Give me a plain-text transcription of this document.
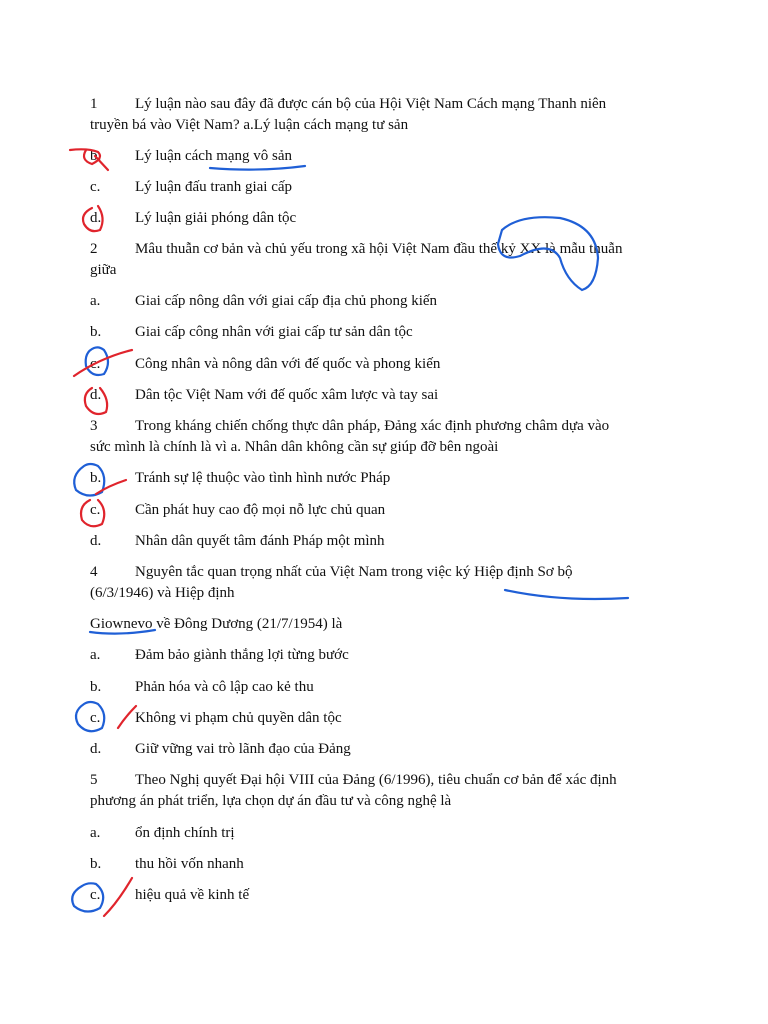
1	Lý luận nào sau đây đã được cán bộ của Hội Việt Nam Cách mạng Thanh niên
truyền bá vào Việt Nam? a.Lý luận cách mạng tư sản
b. Lý luận cách mạng vô sản
c. Lý luận đấu tranh giai cấp
d. Lý luận giải phóng dân tộc
2	Mâu thuẫn cơ bản và chủ yếu trong xã hội Việt Nam đầu thế kỷ XX là mẫu thuẫn
giữa
a. Giai cấp nông dân với giai cấp địa chủ phong kiến
b. Giai cấp công nhân với giai cấp tư sản dân tộc
c. Công nhân và nông dân với đế quốc và phong kiến
d. Dân tộc Việt Nam với đế quốc xâm lược và tay sai
3	Trong kháng chiến chống thực dân pháp, Đảng xác định phương châm dựa vào
sức mình là chính là vì a. Nhân dân không cần sự giúp đỡ bên ngoài
b. Tránh sự lệ thuộc vào tình hình nước Pháp
c. Cần phát huy cao độ mọi nỗ lực chủ quan
d. Nhân dân quyết tâm đánh Pháp một mình
4	Nguyên tắc quan trọng nhất của Việt Nam trong việc ký Hiệp định Sơ bộ
(6/3/1946) và Hiệp định
Giownevo về Đông Dương (21/7/1954) là
a. Đảm bảo giành thắng lợi từng bước
b. Phản hóa và cô lập cao kẻ thu
c. Không vi phạm chủ quyền dân tộc
d. Giữ vững vai trò lãnh đạo của Đảng
5	Theo Nghị quyết Đại hội VIII của Đảng (6/1996), tiêu chuẩn cơ bản để xác định
phương án phát triển, lựa chọn dự án đầu tư và công nghệ là
a. ổn định chính trị
b. thu hồi vốn nhanh
c. hiệu quả về kinh tế
